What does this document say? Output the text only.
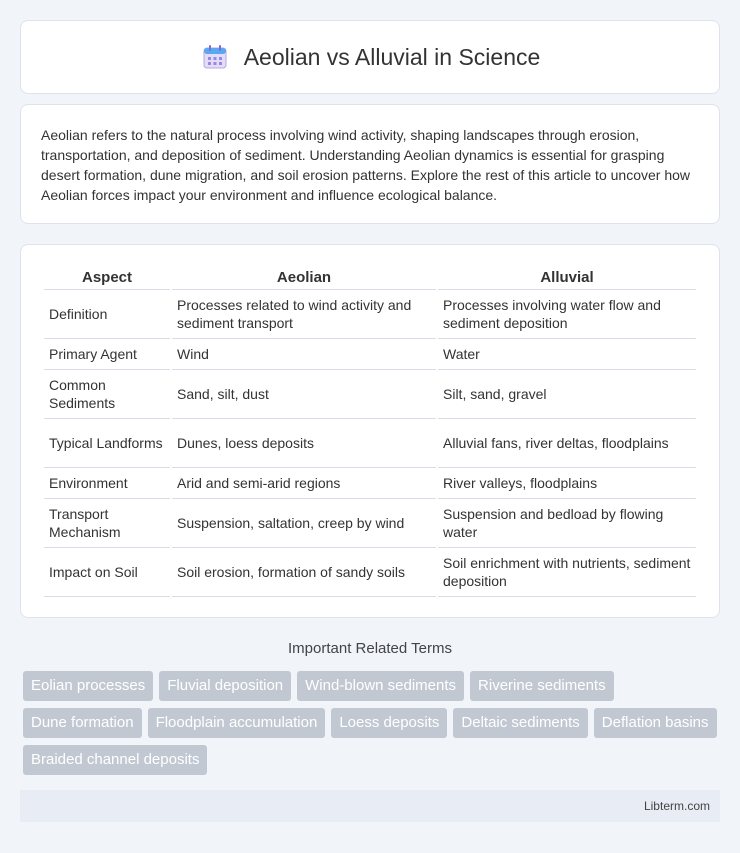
Aeolian vs Alluvial in Science

Aeolian refers to the natural process involving wind activity, shaping landscapes through erosion, transportation, and deposition of sediment. Understanding Aeolian dynamics is essential for grasping desert formation, dune migration, and soil erosion patterns. Explore the rest of this article to uncover how Aeolian forces impact your environment and influence ecological balance.

Aspect	Aeolian	Alluvial
Definition	Processes related to wind activity and sediment transport	Processes involving water flow and sediment deposition
Primary Agent	Wind	Water
Common Sediments	Sand, silt, dust	Silt, sand, gravel
Typical Landforms	Dunes, loess deposits	Alluvial fans, river deltas, floodplains
Environment	Arid and semi-arid regions	River valleys, floodplains
Transport Mechanism	Suspension, saltation, creep by wind	Suspension and bedload by flowing water
Impact on Soil	Soil erosion, formation of sandy soils	Soil enrichment with nutrients, sediment deposition
Important Related Terms
Eolian processes	Fluvial deposition	Wind-blown sediments	Riverine sediments
Dune formation	Floodplain accumulation	Loess deposits	Deltaic sediments	Deflation basins
Braided channel deposits
Libterm.com
